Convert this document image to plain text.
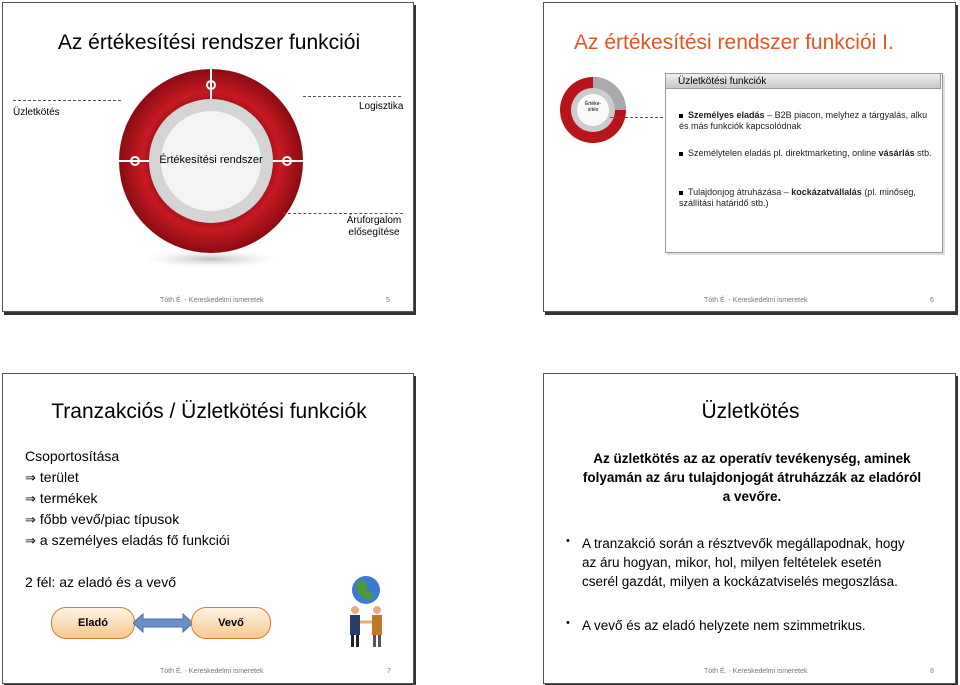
Az értékesítési rendszer funkciói
Értékesítési rendszer
Üzletkötés
Logisztika
Áruforgalom elősegítése
Tóth É. - Kereskedelmi ismeretek	5
Az értékesítési rendszer funkciói I.
Értéke-sítés
Üzletkötési funkciók
Személyes eladás – B2B piacon, melyhez a tárgyalás, alku és más funkciók kapcsolódnak
Személytelen eladás pl. direktmarketing, online vásárlás stb.
Tulajdonjog átruházása – kockázatvállalás (pl. minőség, szállítási határidő stb.)
Tóth É. - Kereskedelmi ismeretek	6
Tranzakciós / Üzletkötési funkciók
Csoportosítása
⇒ terület
⇒ termékek
⇒ főbb vevő/piac típusok
⇒ a személyes eladás fő funkciói
2 fél: az eladó és a vevő
Eladó	Vevő
Tóth É. - Kereskedelmi ismeretek	7
Üzletkötés
Az üzletkötés az az operatív tevékenység, aminek folyamán az áru tulajdonjogát átruházzák az eladóról a vevőre.
• A tranzakció során a résztvevők megállapodnak, hogy az áru hogyan, mikor, hol, milyen feltételek esetén cserél gazdát, milyen a kockázatviselés megoszlása.
• A vevő és az eladó helyzete nem szimmetrikus.
Tóth É. - Kereskedelmi ismeretek	8
